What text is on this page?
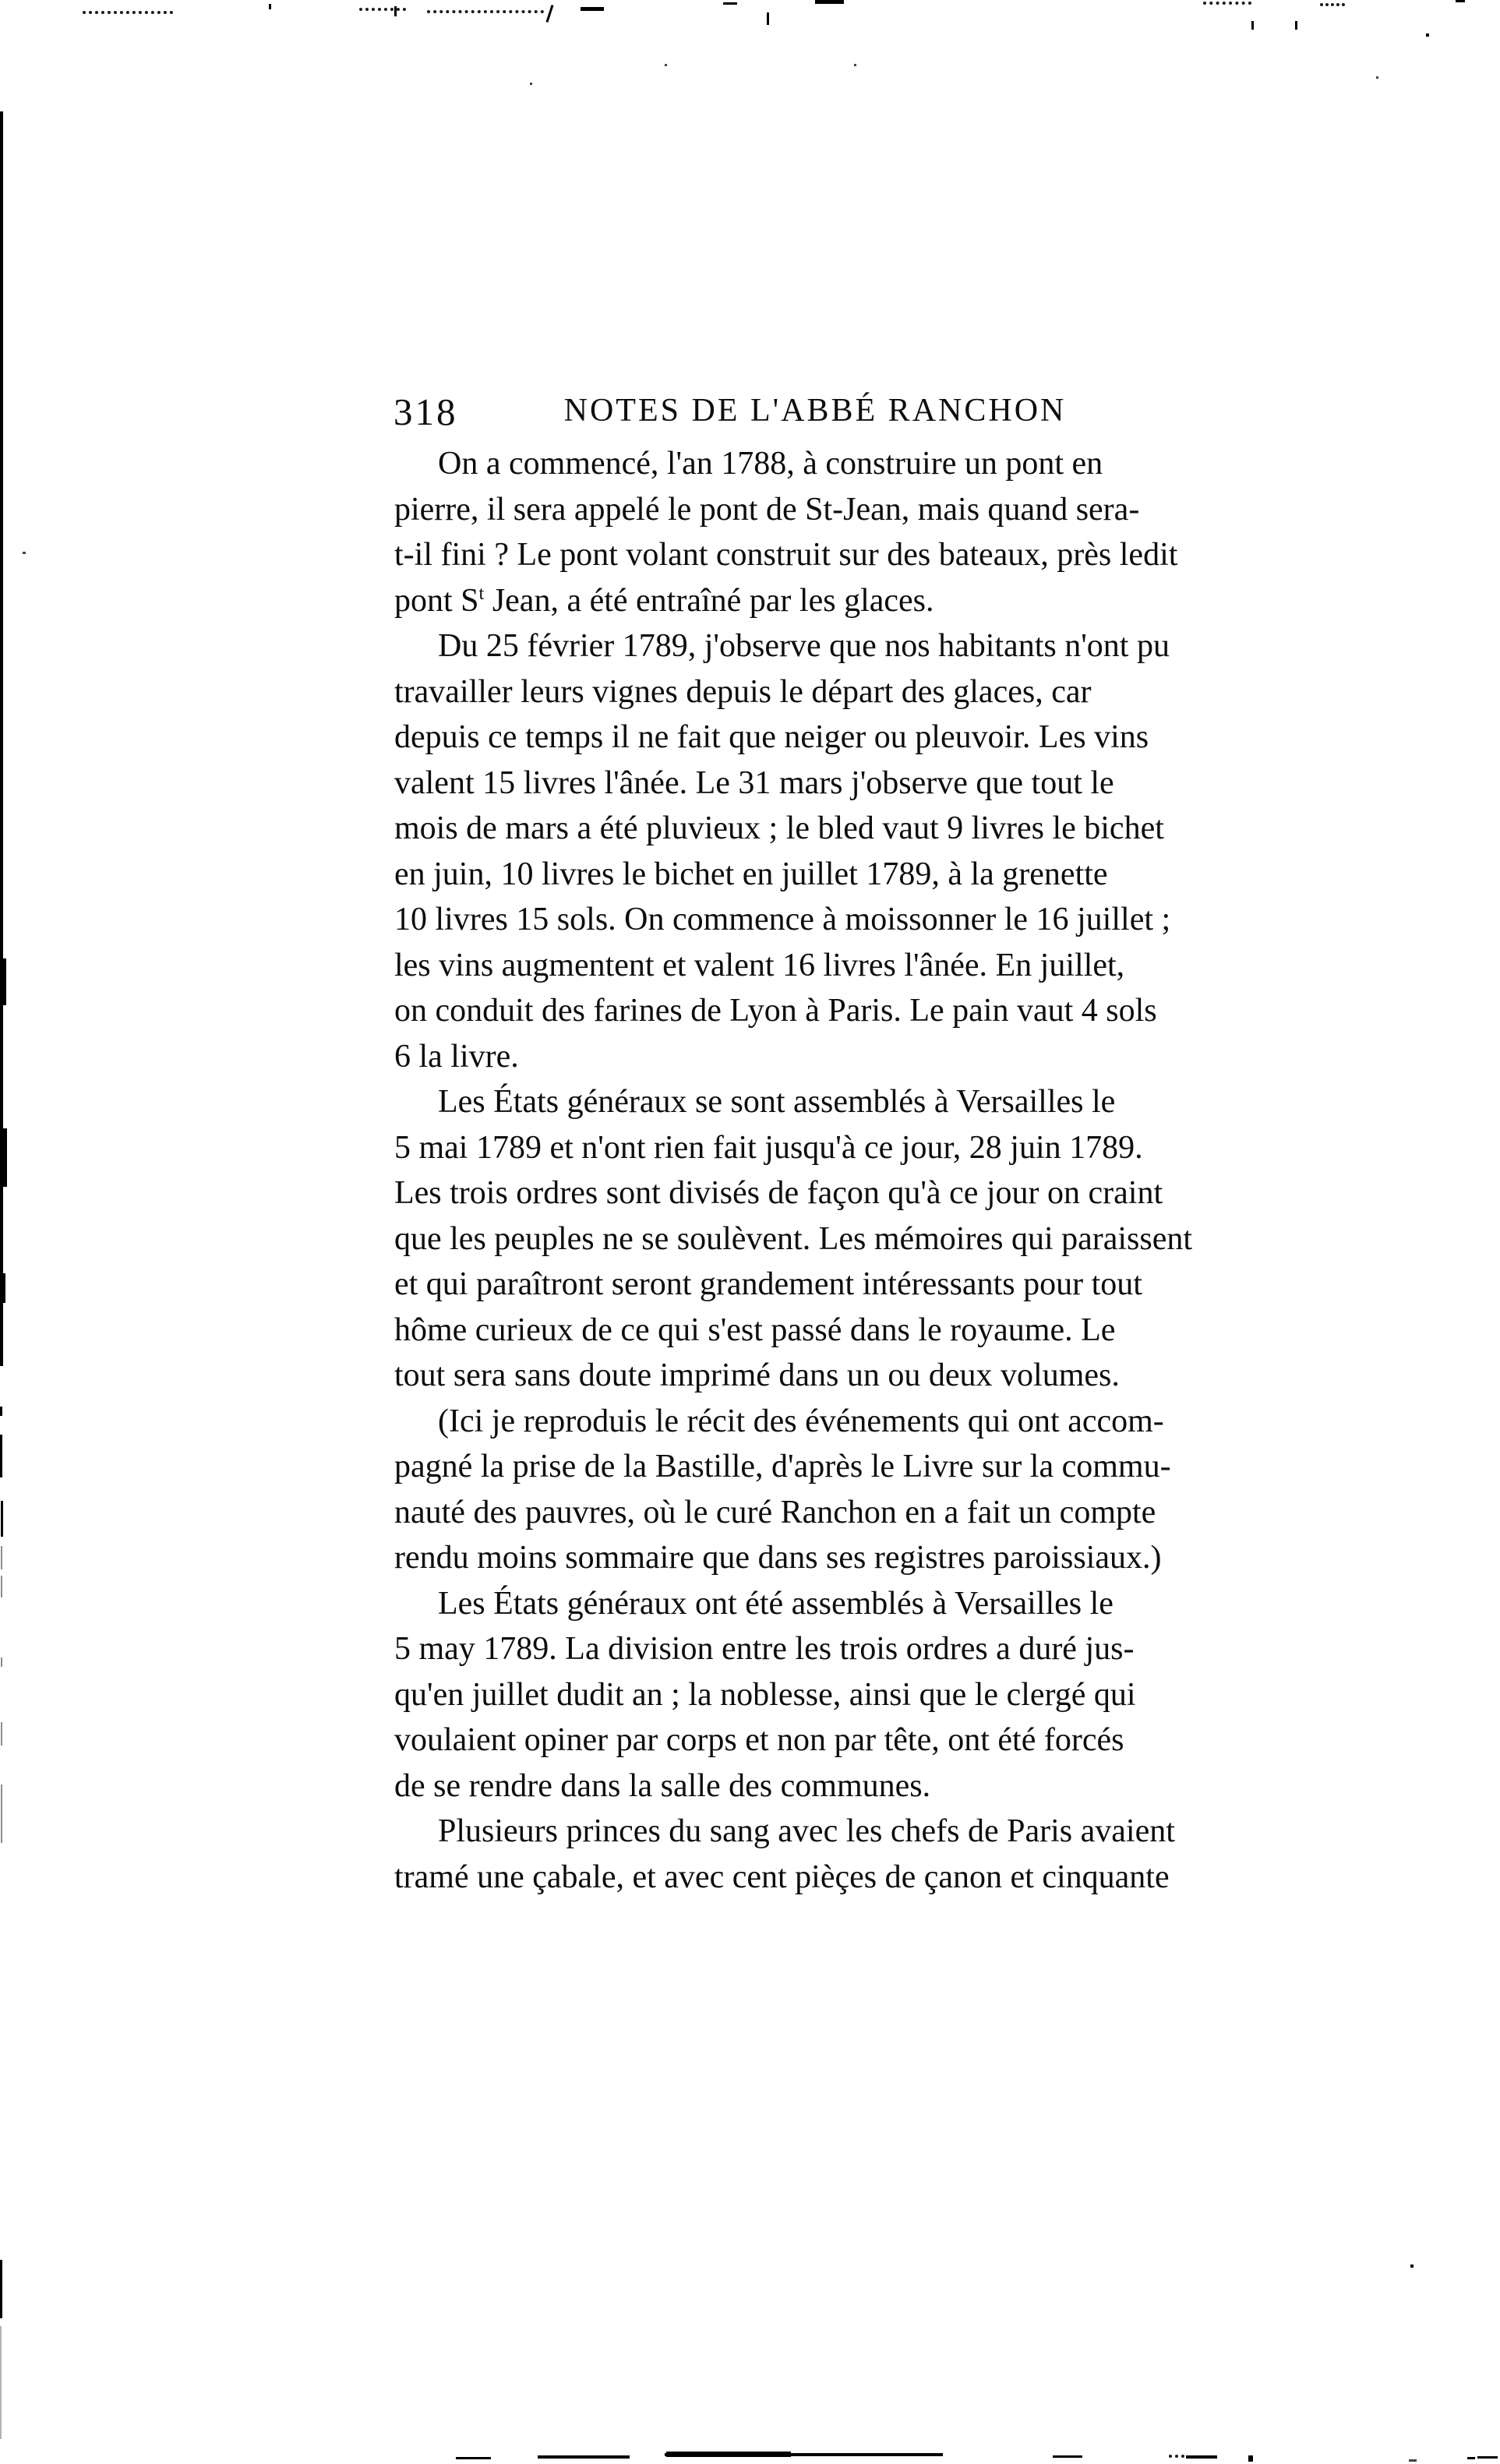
318	NOTES DE L'ABBÉ RANCHON
On a commencé, l'an 1788, à construire un pont en
pierre, il sera appelé le pont de St-Jean, mais quand sera-
t-il fini ? Le pont volant construit sur des bateaux, près ledit
pont $S^t$ Jean, a été entraîné par les glaces.
Du 25 février 1789, j'observe que nos habitants n'ont pu
travailler leurs vignes depuis le départ des glaces, car
depuis ce temps il ne fait que neiger ou pleuvoir. Les vins
valent 15 livres l'ânée. Le 31 mars j'observe que tout le
mois de mars a été pluvieux ; le bled vaut 9 livres le bichet
en juin, 10 livres le bichet en juillet 1789, à la grenette
10 livres 15 sols. On commence à moissonner le 16 juillet ;
les vins augmentent et valent 16 livres l'ânée. En juillet,
on conduit des farines de Lyon à Paris. Le pain vaut 4 sols
6 la livre.
Les États généraux se sont assemblés à Versailles le
5 mai 1789 et n'ont rien fait jusqu'à ce jour, 28 juin 1789.
Les trois ordres sont divisés de façon qu'à ce jour on craint
que les peuples ne se soulèvent. Les mémoires qui paraissent
et qui paraîtront seront grandement intéressants pour tout
hôme curieux de ce qui s'est passé dans le royaume. Le
tout sera sans doute imprimé dans un ou deux volumes.
(Ici je reproduis le récit des événements qui ont accom-
pagné la prise de la Bastille, d'après le Livre sur la commu-
nauté des pauvres, où le curé Ranchon en a fait un compte
rendu moins sommaire que dans ses registres paroissiaux.)
Les États généraux ont été assemblés à Versailles le
5 may 1789. La division entre les trois ordres a duré jus-
qu'en juillet dudit an ; la noblesse, ainsi que le clergé qui
voulaient opiner par corps et non par tête, ont été forcés
de se rendre dans la salle des communes.
Plusieurs princes du sang avec les chefs de Paris avaient
tramé une çabale, et avec cent pièçes de çanon et cinquante
